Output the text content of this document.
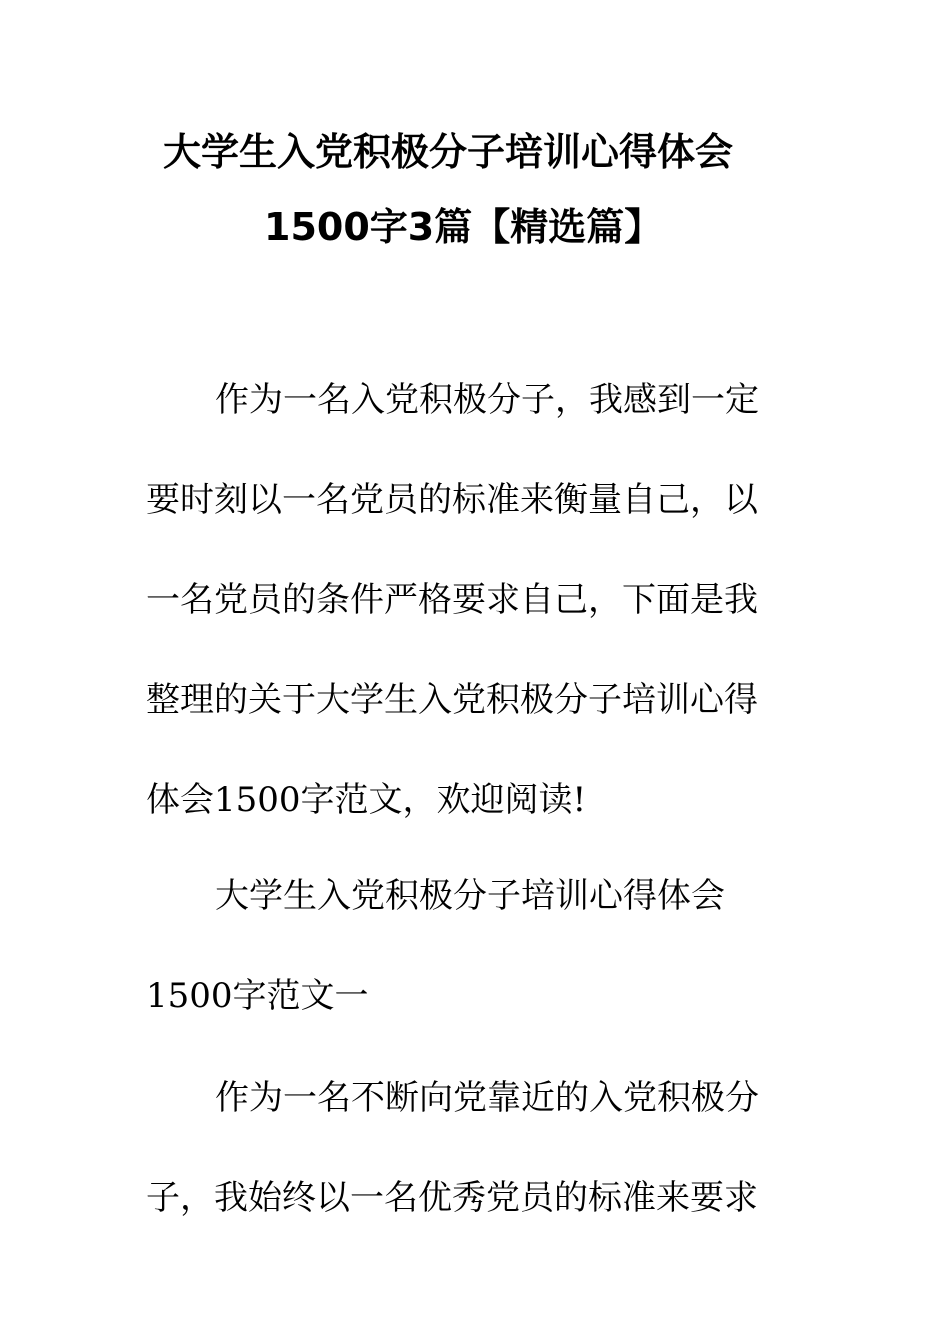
大学生入党积极分子培训心得体会
1500字3篇【精选篇】
作为一名入党积极分子，我感到一定
要时刻以一名党员的标准来衡量自己，以
一名党员的条件严格要求自己，下面是我
整理的关于大学生入党积极分子培训心得
体会1500字范文，欢迎阅读!
大学生入党积极分子培训心得体会
1500字范文一
作为一名不断向党靠近的入党积极分
子，我始终以一名优秀党员的标准来要求
